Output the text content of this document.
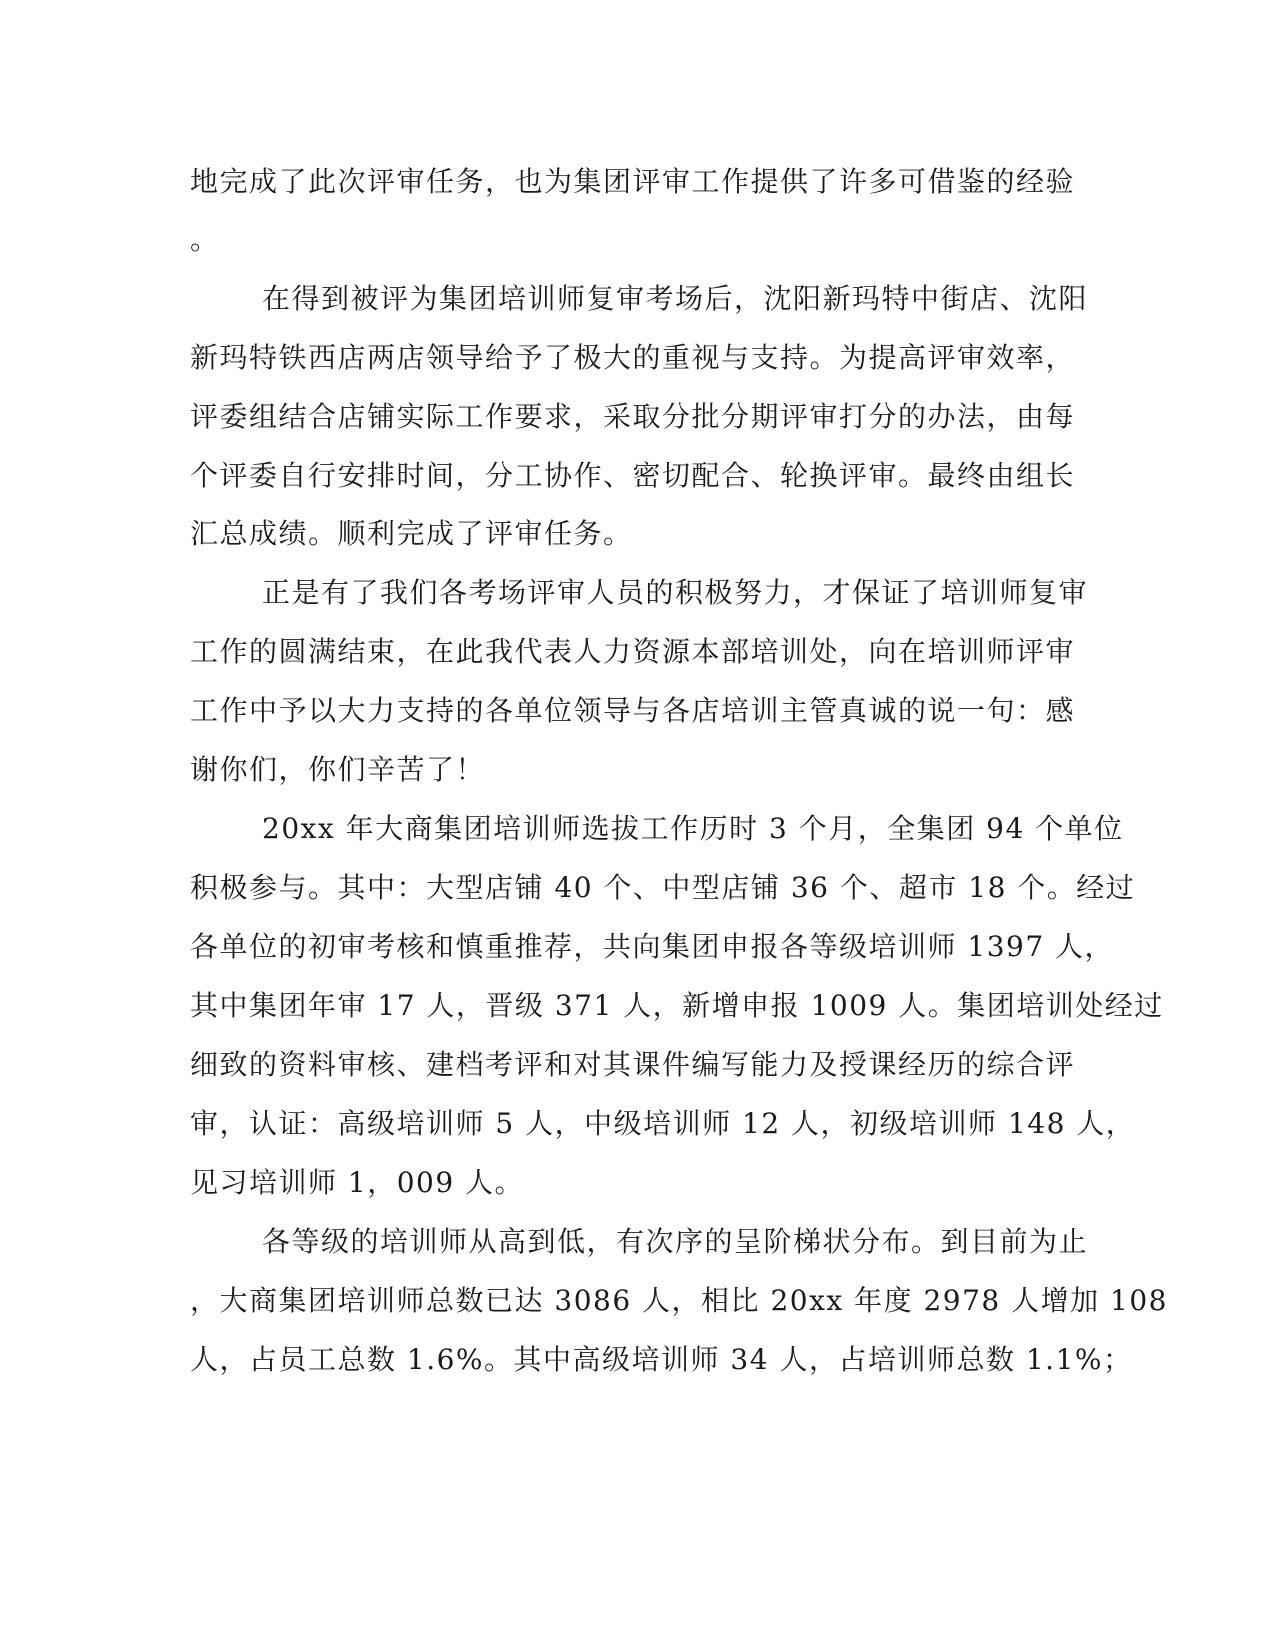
地完成了此次评审任务，也为集团评审工作提供了许多可借鉴的经验
。
在得到被评为集团培训师复审考场后，沈阳新玛特中街店、沈阳
新玛特铁西店两店领导给予了极大的重视与支持。为提高评审效率，
评委组结合店铺实际工作要求，采取分批分期评审打分的办法，由每
个评委自行安排时间，分工协作、密切配合、轮换评审。最终由组长
汇总成绩。顺利完成了评审任务。
正是有了我们各考场评审人员的积极努力，才保证了培训师复审
工作的圆满结束，在此我代表人力资源本部培训处，向在培训师评审
工作中予以大力支持的各单位领导与各店培训主管真诚的说一句：感
谢你们，你们辛苦了！
20xx 年大商集团培训师选拔工作历时 3 个月，全集团 94 个单位
积极参与。其中：大型店铺 40 个、中型店铺 36 个、超市 18 个。经过
各单位的初审考核和慎重推荐，共向集团申报各等级培训师 1397 人，
其中集团年审 17 人，晋级 371 人，新增申报 1009 人。集团培训处经过
细致的资料审核、建档考评和对其课件编写能力及授课经历的综合评
审，认证：高级培训师 5 人，中级培训师 12 人，初级培训师 148 人，
见习培训师 1，009 人。
各等级的培训师从高到低，有次序的呈阶梯状分布。到目前为止
，大商集团培训师总数已达 3086 人，相比 20xx 年度 2978 人增加 108
人，占员工总数 1.6%。其中高级培训师 34 人，占培训师总数 1.1%；
